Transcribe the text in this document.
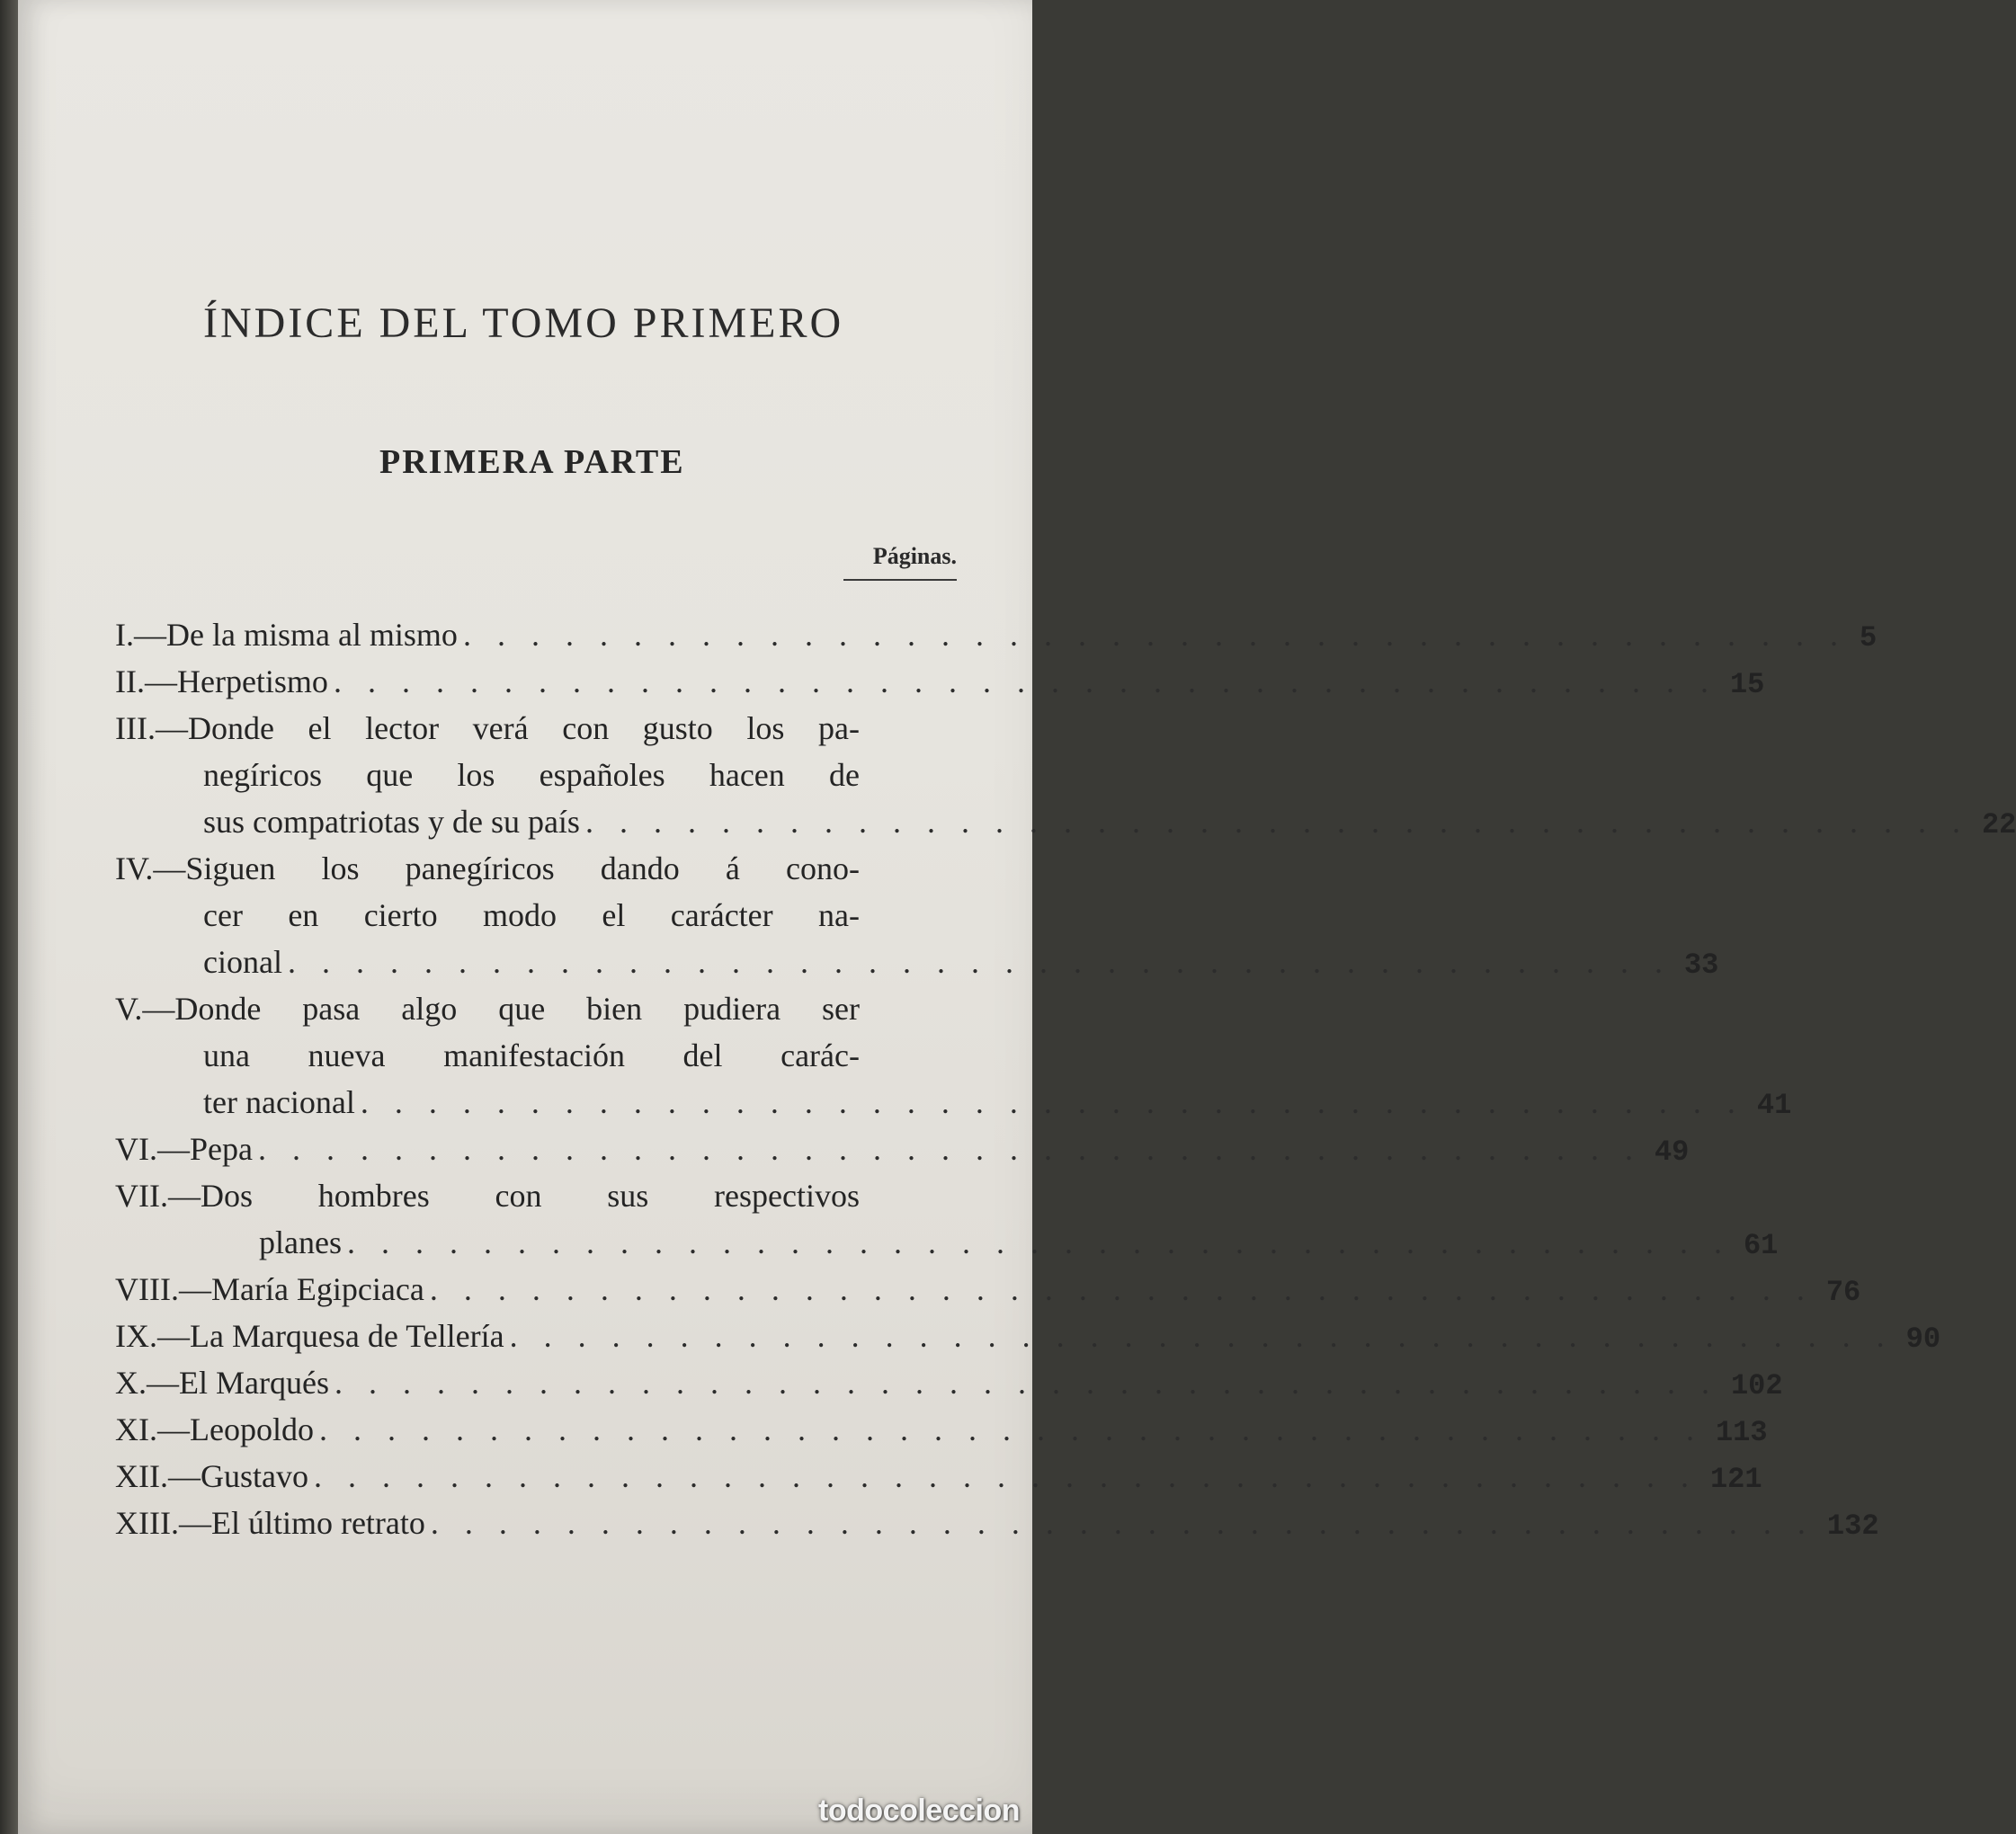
ÍNDICE DEL TOMO PRIMERO
PRIMERA PARTE
Páginas.
I.—De la misma al mismo . . . . . . . . . . . . . . . . . . . . . . . . . . . . . . . . . . . . . . . . . 5
II.—Herpetismo . . . . . . . . . . . . . . . . . . . . . . . . . . . . . . . . . . . . . . . . . 15
III.—Donde el lector verá con gusto los pa-
negíricos que los españoles hacen de
sus compatriotas y de su país . . . . . . . . . . . . . . . . . . . . . . . . . . . . . . . . . . . . . . . . . 22
IV.—Siguen los panegíricos dando á cono-
cer en cierto modo el carácter na-
cional . . . . . . . . . . . . . . . . . . . . . . . . . . . . . . . . . . . . . . . . . 33
V.—Donde pasa algo que bien pudiera ser
una nueva manifestación del carác-
ter nacional . . . . . . . . . . . . . . . . . . . . . . . . . . . . . . . . . . . . . . . . . 41
VI.—Pepa . . . . . . . . . . . . . . . . . . . . . . . . . . . . . . . . . . . . . . . . . 49
VII.—Dos hombres con sus respectivos
planes . . . . . . . . . . . . . . . . . . . . . . . . . . . . . . . . . . . . . . . . . 61
VIII.—María Egipciaca . . . . . . . . . . . . . . . . . . . . . . . . . . . . . . . . . . . . . . . . . 76
IX.—La Marquesa de Tellería . . . . . . . . . . . . . . . . . . . . . . . . . . . . . . . . . . . . . . . . . 90
X.—El Marqués . . . . . . . . . . . . . . . . . . . . . . . . . . . . . . . . . . . . . . . . . 102
XI.—Leopoldo . . . . . . . . . . . . . . . . . . . . . . . . . . . . . . . . . . . . . . . . . 113
XII.—Gustavo . . . . . . . . . . . . . . . . . . . . . . . . . . . . . . . . . . . . . . . . . 121
XIII.—El último retrato . . . . . . . . . . . . . . . . . . . . . . . . . . . . . . . . . . . . . . . . . 132
todocoleccion
